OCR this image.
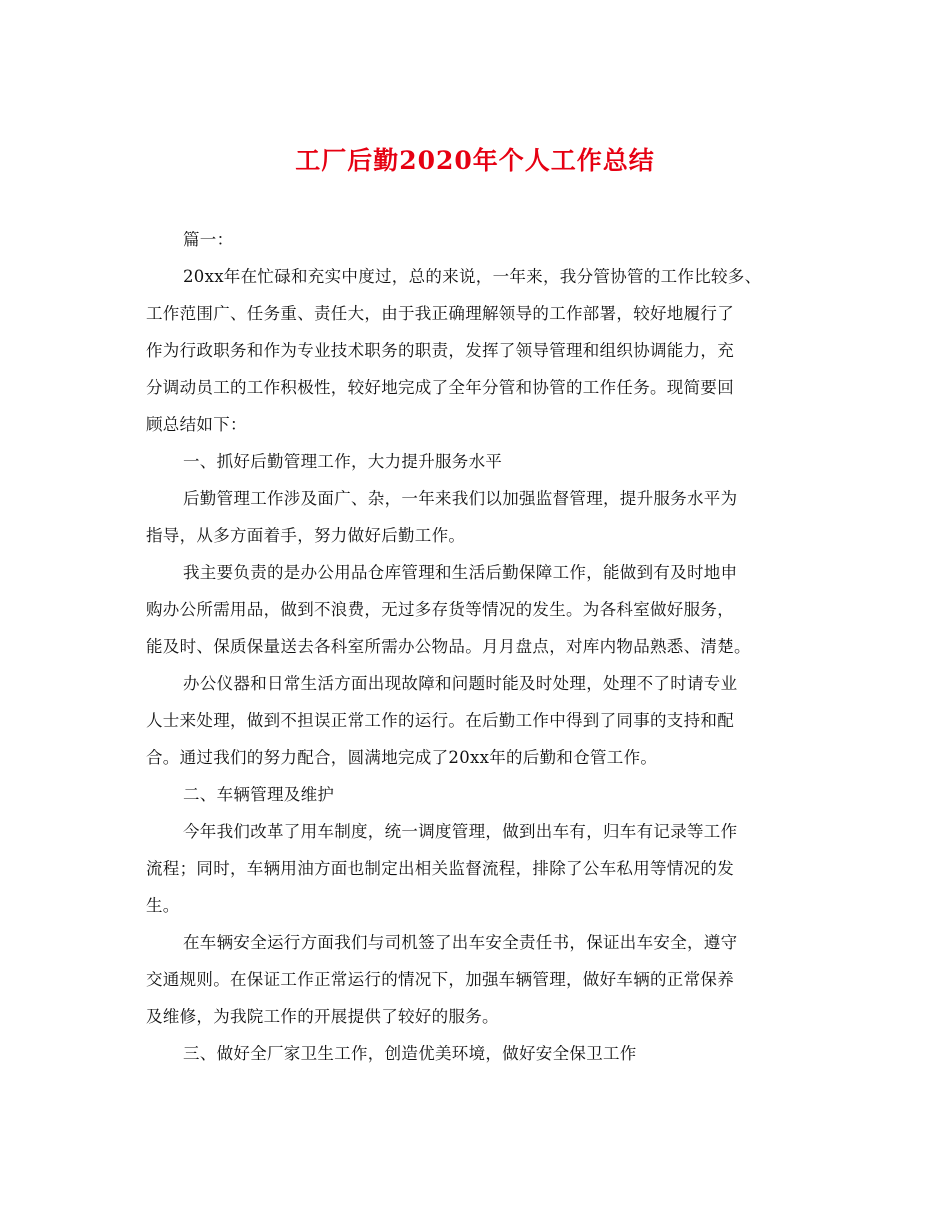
工厂后勤2020年个人工作总结
篇一：
20xx年在忙碌和充实中度过，总的来说，一年来，我分管协管的工作比较多、
工作范围广、任务重、责任大，由于我正确理解领导的工作部署，较好地履行了
作为行政职务和作为专业技术职务的职责，发挥了领导管理和组织协调能力，充
分调动员工的工作积极性，较好地完成了全年分管和协管的工作任务。现简要回
顾总结如下：
一、抓好后勤管理工作，大力提升服务水平
后勤管理工作涉及面广、杂，一年来我们以加强监督管理，提升服务水平为
指导，从多方面着手，努力做好后勤工作。
我主要负责的是办公用品仓库管理和生活后勤保障工作，能做到有及时地申
购办公所需用品，做到不浪费，无过多存货等情况的发生。为各科室做好服务，
能及时、保质保量送去各科室所需办公物品。月月盘点，对库内物品熟悉、清楚。
办公仪器和日常生活方面出现故障和问题时能及时处理，处理不了时请专业
人士来处理，做到不担误正常工作的运行。在后勤工作中得到了同事的支持和配
合。通过我们的努力配合，圆满地完成了20xx年的后勤和仓管工作。
二、车辆管理及维护
今年我们改革了用车制度，统一调度管理，做到出车有，归车有记录等工作
流程；同时，车辆用油方面也制定出相关监督流程，排除了公车私用等情况的发
生。
在车辆安全运行方面我们与司机签了出车安全责任书，保证出车安全，遵守
交通规则。在保证工作正常运行的情况下，加强车辆管理，做好车辆的正常保养
及维修，为我院工作的开展提供了较好的服务。
三、做好全厂家卫生工作，创造优美环境，做好安全保卫工作
